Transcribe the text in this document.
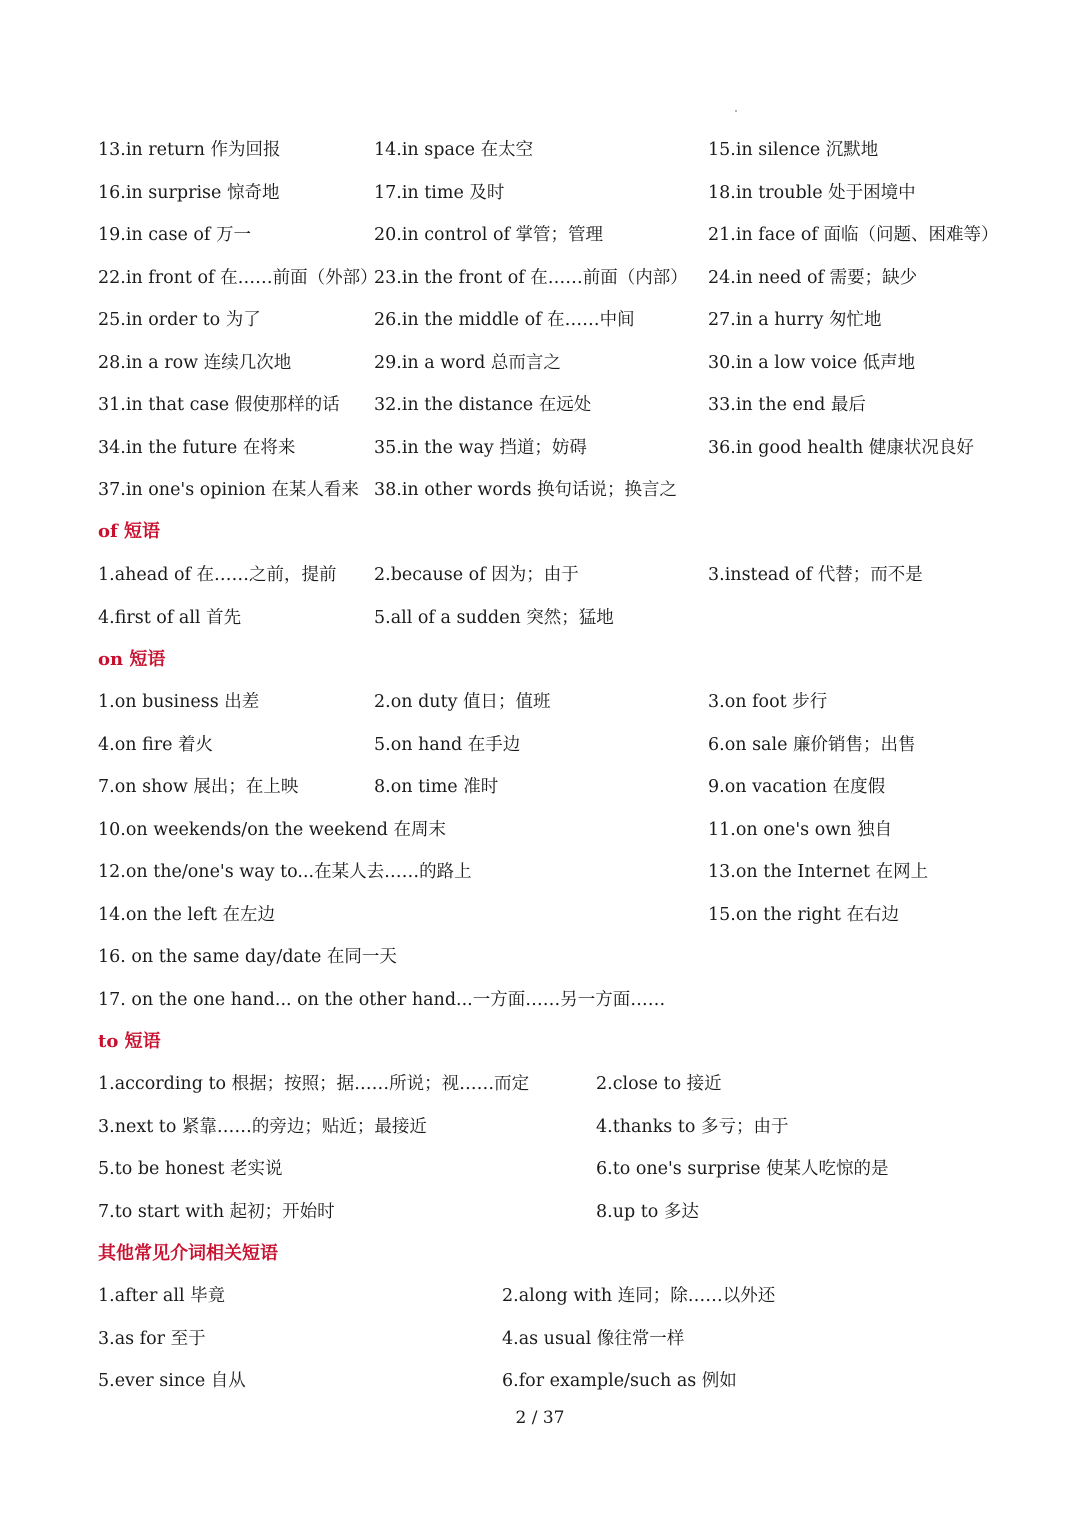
13.in return 作为回报	14.in space 在太空	15.in silence 沉默地
16.in surprise 惊奇地	17.in time 及时	18.in trouble 处于困境中
19.in case of 万一	20.in control of 掌管；管理	21.in face of 面临（问题、困难等）
22.in front of 在……前面（外部）
23.in the front of 在……前面（内部） 24.in need of 需要；缺少
25.in order to 为了	26.in the middle of 在……中间	27.in a hurry 匆忙地
28.in a row 连续几次地	29.in a word 总而言之	30.in a low voice 低声地
31.in that case 假使那样的话 32.in the distance 在远处	33.in the end 最后
34.in the future 在将来	35.in the way 挡道；妨碍	36.in good health 健康状况良好
37.in one's opinion 在某人看来 38.in other words 换句话说；换言之
of 短语
1.ahead of 在……之前，提前 2.because of 因为；由于	3.instead of 代替；而不是
4.first of all 首先	5.all of a sudden 突然；猛地
on 短语
1.on business 出差	2.on duty 值日；值班	3.on foot 步行
4.on fire 着火	5.on hand 在手边	6.on sale 廉价销售；出售
7.on show 展出；在上映	8.on time 准时	9.on vacation 在度假
10.on weekends/on the weekend 在周末	11.on one's own 独自
12.on the/one's way to...在某人去……的路上	13.on the Internet 在网上
14.on the left 在左边	15.on the right 在右边
16. on the same day/date 在同一天
17. on the one hand... on the other hand...一方面……另一方面……
to 短语
1.according to 根据；按照；据……所说；视……而定	2.close to 接近
3.next to 紧靠……的旁边；贴近；最接近	4.thanks to 多亏；由于
5.to be honest 老实说	6.to one's surprise 使某人吃惊的是
7.to start with 起初；开始时	8.up to 多达
其他常见介词相关短语
1.after all 毕竟	2.along with 连同；除……以外还
3.as for 至于	4.as usual 像往常一样
5.ever since 自从	6.for example/such as 例如
2 / 37
